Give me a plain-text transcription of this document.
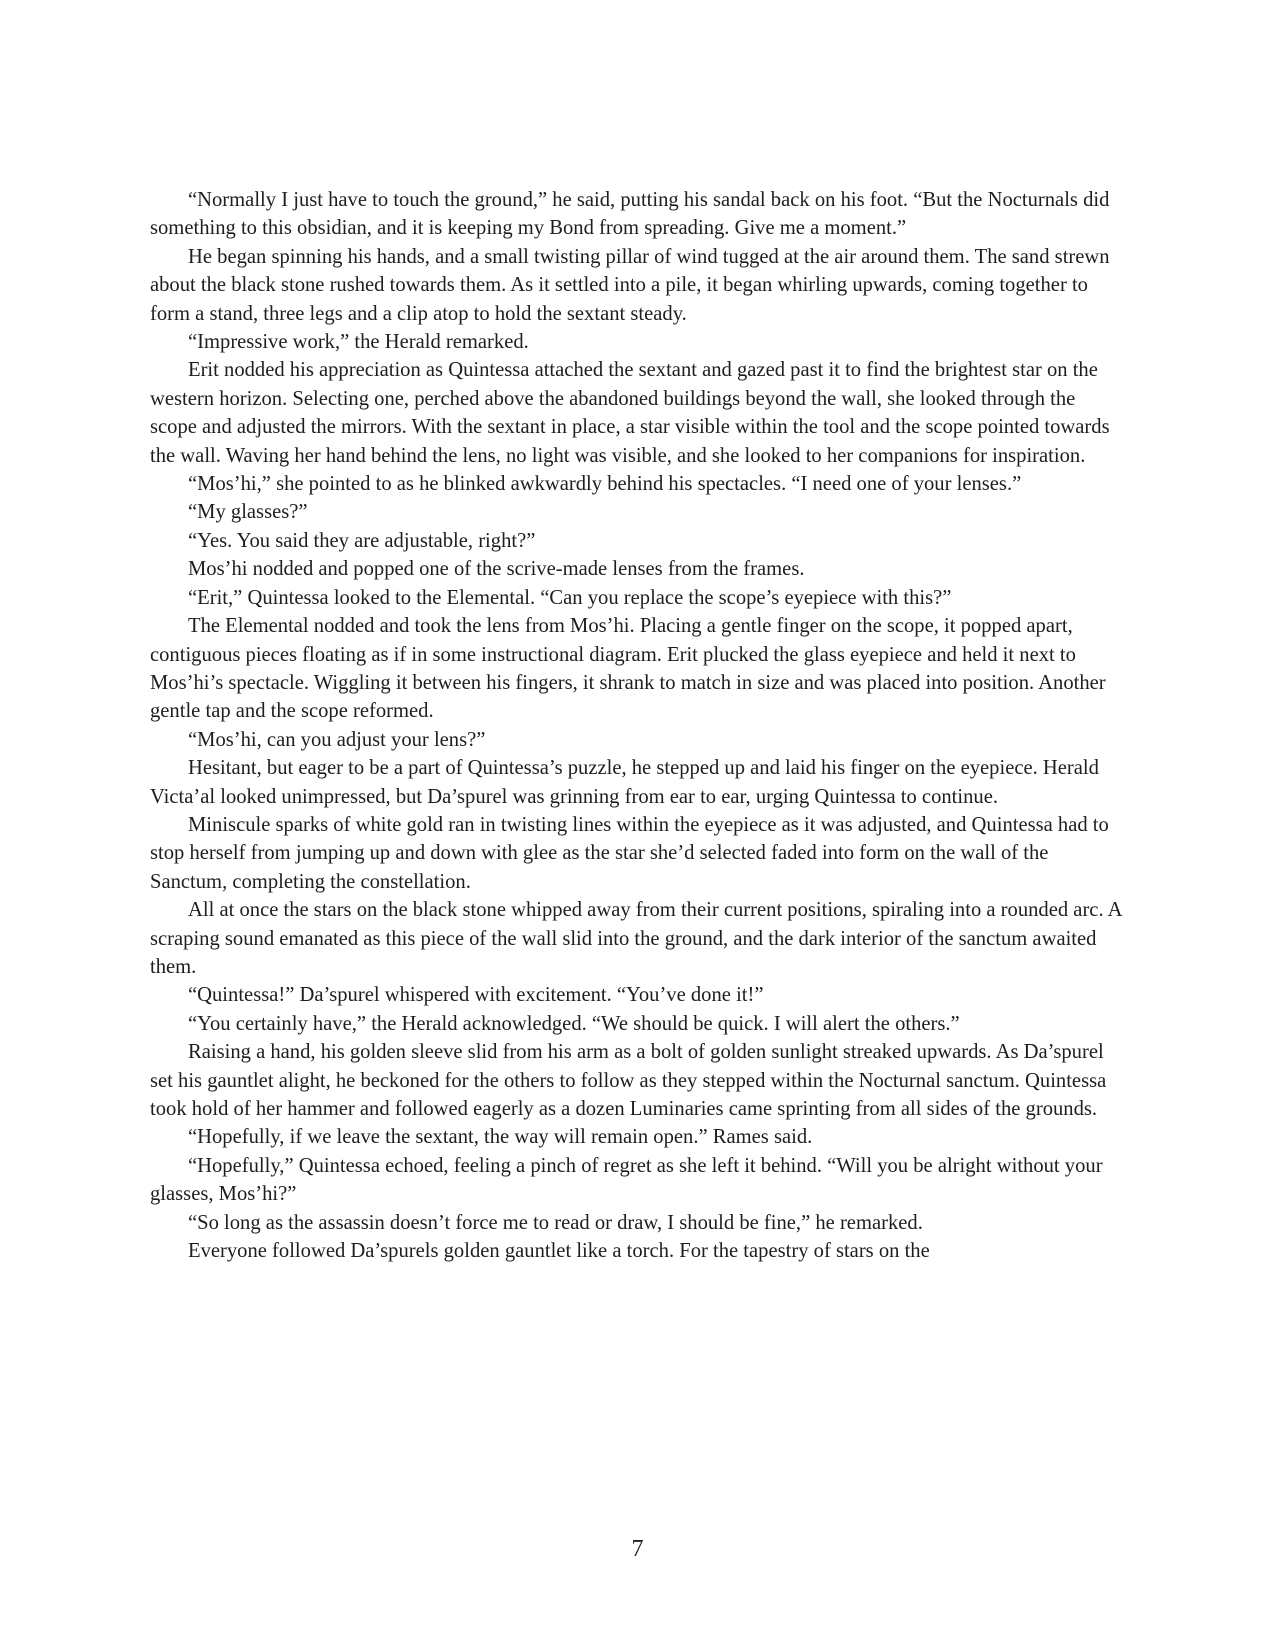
“Normally I just have to touch the ground,” he said, putting his sandal back on his foot. “But the Nocturnals did something to this obsidian, and it is keeping my Bond from spreading. Give me a moment.”

He began spinning his hands, and a small twisting pillar of wind tugged at the air around them. The sand strewn about the black stone rushed towards them. As it settled into a pile, it began whirling upwards, coming together to form a stand, three legs and a clip atop to hold the sextant steady.

“Impressive work,” the Herald remarked.

Erit nodded his appreciation as Quintessa attached the sextant and gazed past it to find the brightest star on the western horizon. Selecting one, perched above the abandoned buildings beyond the wall, she looked through the scope and adjusted the mirrors. With the sextant in place, a star visible within the tool and the scope pointed towards the wall. Waving her hand behind the lens, no light was visible, and she looked to her companions for inspiration.

“Mos’hi,” she pointed to as he blinked awkwardly behind his spectacles. “I need one of your lenses.”

“My glasses?”

“Yes. You said they are adjustable, right?”

Mos’hi nodded and popped one of the scrive-made lenses from the frames.

“Erit,” Quintessa looked to the Elemental. “Can you replace the scope’s eyepiece with this?”

The Elemental nodded and took the lens from Mos’hi. Placing a gentle finger on the scope, it popped apart, contiguous pieces floating as if in some instructional diagram. Erit plucked the glass eyepiece and held it next to Mos’hi’s spectacle. Wiggling it between his fingers, it shrank to match in size and was placed into position. Another gentle tap and the scope reformed.

“Mos’hi, can you adjust your lens?”

Hesitant, but eager to be a part of Quintessa’s puzzle, he stepped up and laid his finger on the eyepiece. Herald Victa’al looked unimpressed, but Da’spurel was grinning from ear to ear, urging Quintessa to continue.

Miniscule sparks of white gold ran in twisting lines within the eyepiece as it was adjusted, and Quintessa had to stop herself from jumping up and down with glee as the star she’d selected faded into form on the wall of the Sanctum, completing the constellation.

All at once the stars on the black stone whipped away from their current positions, spiraling into a rounded arc. A scraping sound emanated as this piece of the wall slid into the ground, and the dark interior of the sanctum awaited them.

“Quintessa!” Da’spurel whispered with excitement. “You’ve done it!”

“You certainly have,” the Herald acknowledged. “We should be quick. I will alert the others.”

Raising a hand, his golden sleeve slid from his arm as a bolt of golden sunlight streaked upwards. As Da’spurel set his gauntlet alight, he beckoned for the others to follow as they stepped within the Nocturnal sanctum. Quintessa took hold of her hammer and followed eagerly as a dozen Luminaries came sprinting from all sides of the grounds.

“Hopefully, if we leave the sextant, the way will remain open.” Rames said.

“Hopefully,” Quintessa echoed, feeling a pinch of regret as she left it behind. “Will you be alright without your glasses, Mos’hi?”

“So long as the assassin doesn’t force me to read or draw, I should be fine,” he remarked.

Everyone followed Da’spurels golden gauntlet like a torch. For the tapestry of stars on the

7
